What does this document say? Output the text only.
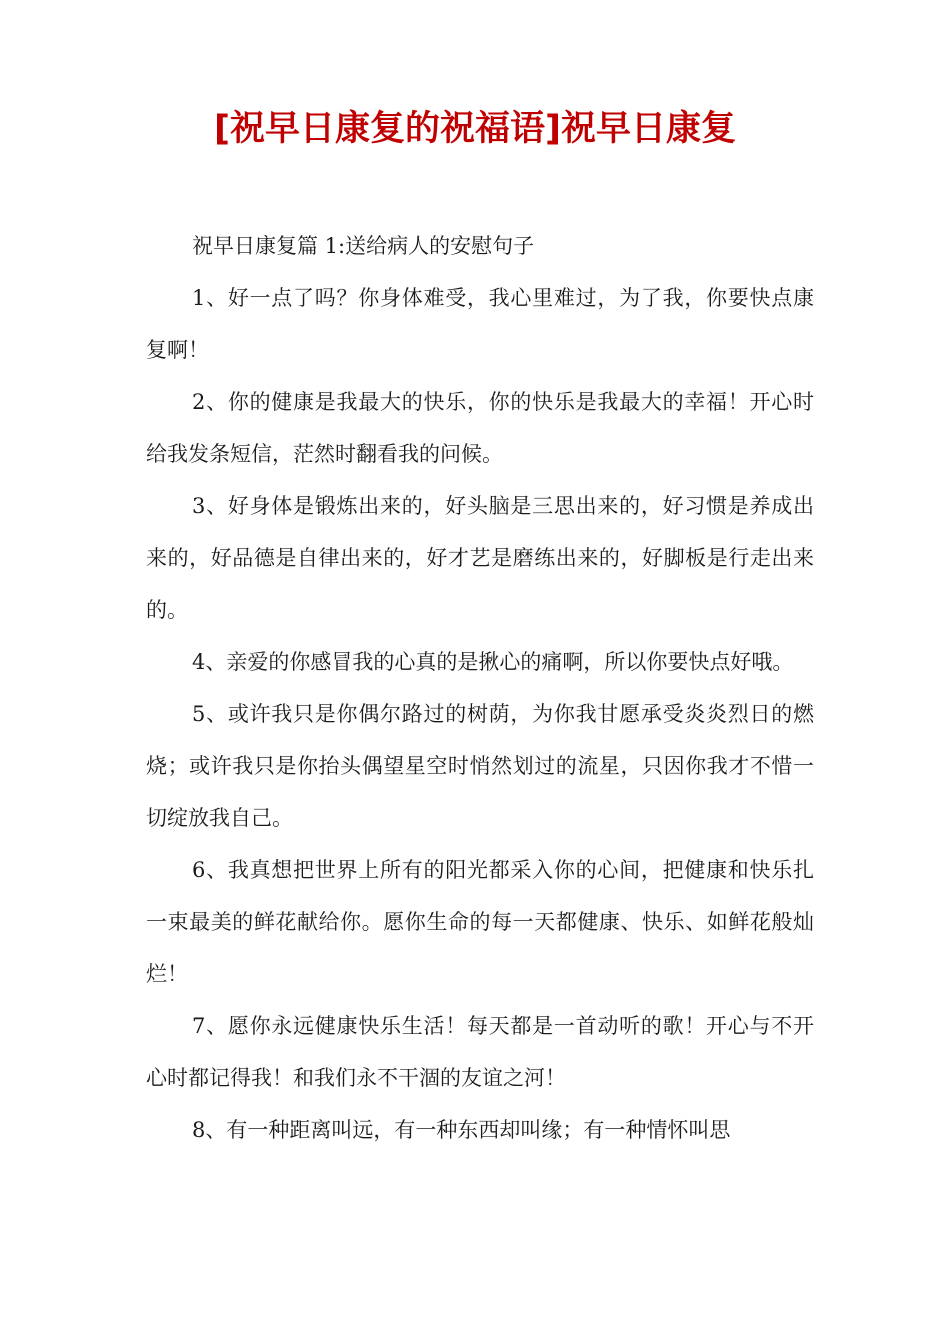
[祝早日康复的祝福语]祝早日康复

祝早日康复篇 1:送给病人的安慰句子

1、好一点了吗？你身体难受，我心里难过，为了我，你要快点康复啊！

2、你的健康是我最大的快乐，你的快乐是我最大的幸福！开心时给我发条短信，茫然时翻看我的问候。

3、好身体是锻炼出来的，好头脑是三思出来的，好习惯是养成出来的，好品德是自律出来的，好才艺是磨练出来的，好脚板是行走出来的。

4、亲爱的你感冒我的心真的是揪心的痛啊，所以你要快点好哦。

5、或许我只是你偶尔路过的树荫，为你我甘愿承受炎炎烈日的燃烧；或许我只是你抬头偶望星空时悄然划过的流星，只因你我才不惜一切绽放我自己。

6、我真想把世界上所有的阳光都采入你的心间，把健康和快乐扎一束最美的鲜花献给你。愿你生命的每一天都健康、快乐、如鲜花般灿烂！

7、愿你永远健康快乐生活！每天都是一首动听的歌！开心与不开心时都记得我！和我们永不干涸的友谊之河！

8、有一种距离叫远，有一种东西却叫缘；有一种情怀叫思
